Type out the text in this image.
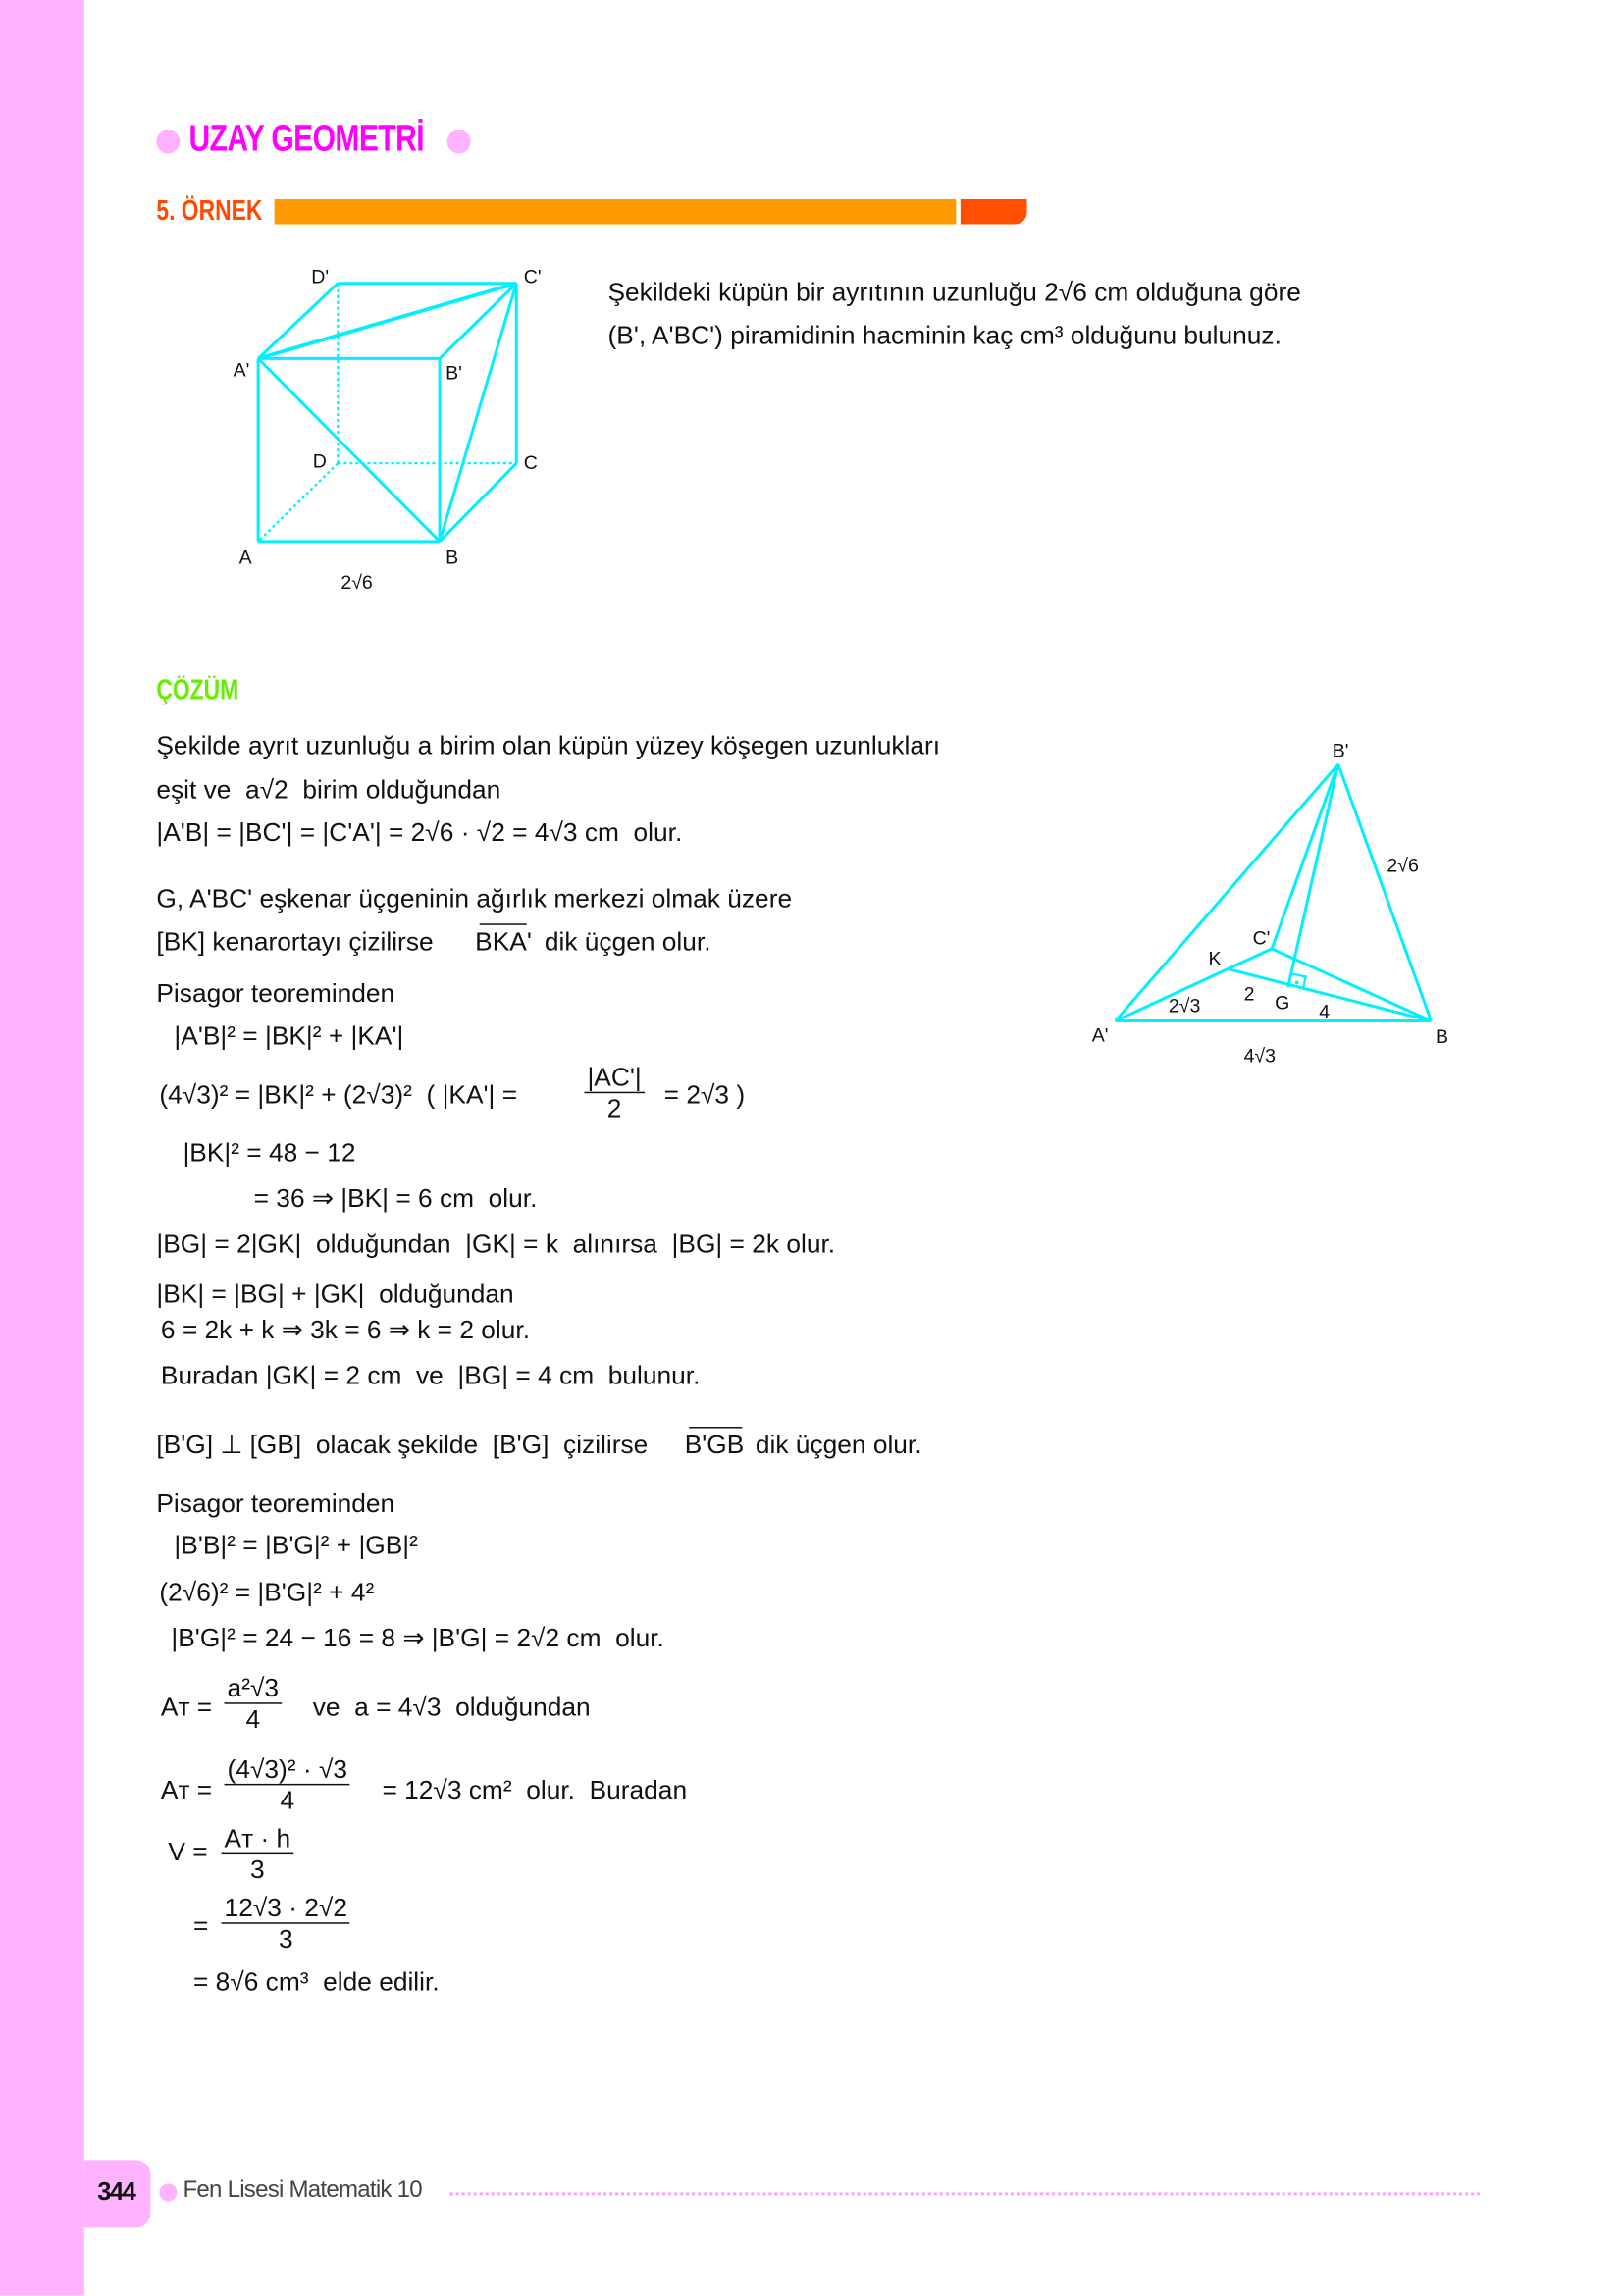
UZAY GEOMETRİ
5. ÖRNEK
D'	C'
A'	B'
D	C
A	B
2√6
B'
2√6
C'
K
2√3
2 G 4
A'	B
4√3
Şekildeki küpün bir ayrıtının uzunluğu 2√6 cm olduğuna göre
(B', A'BC') piramidinin hacminin kaç cm³ olduğunu bulunuz.
ÇÖZÜM
Şekilde ayrıt uzunluğu a birim olan küpün yüzey köşegen uzunlukları
eşit ve  a√2  birim olduğundan
|A'B| = |BC'| = |C'A'| = 2√6 · √2 = 4√3 cm  olur.
G, A'BC' eşkenar üçgeninin ağırlık merkezi olmak üzere
[BK] kenarortayı çizilirse BKA' dik üçgen olur.
Pisagor teoreminden
|A'B|² = |BK|² + |KA'|
(4√3)² = |BK|² + (2√3)²  ( |KA'| =	$\frac{|AC'|}{2} = 2√3$ )
|BK|² = 48 − 12
= 36 ⇒ |BK| = 6 cm  olur.
|BG| = 2|GK|  olduğundan  |GK| = k  alınırsa  |BG| = 2k olur.
|BK| = |BG| + |GK|  olduğundan
6 = 2k + k ⇒ 3k = 6 ⇒ k = 2 olur.
Buradan |GK| = 2 cm  ve  |BG| = 4 cm  bulunur.
[B'G] ⊥ [GB]  olacak şekilde  [B'G]  çizilirse B'GB dik üçgen olur.
Pisagor teoreminden
|B'B|² = |B'G|² + |GB|²
(2√6)² = |B'G|² + 4²
|B'G|² = 24 − 16 = 8 ⇒ |B'G| = 2√2 cm  olur.
Aᴛ = $\frac{\text{a²√3}}{4}$ ve  a = 4√3  olduğundan
Aᴛ = $\frac{\text{(4√3)² · √3}}{4} = 12√3$ cm²  olur.  Buradan
$V = \frac{\text{Aᴛ · h}}{3}$
= $\frac{12√3 \cdot 2√2}{3}$
= 8√6 cm³  elde edilir.
344	Fen Lisesi Matematik 10
